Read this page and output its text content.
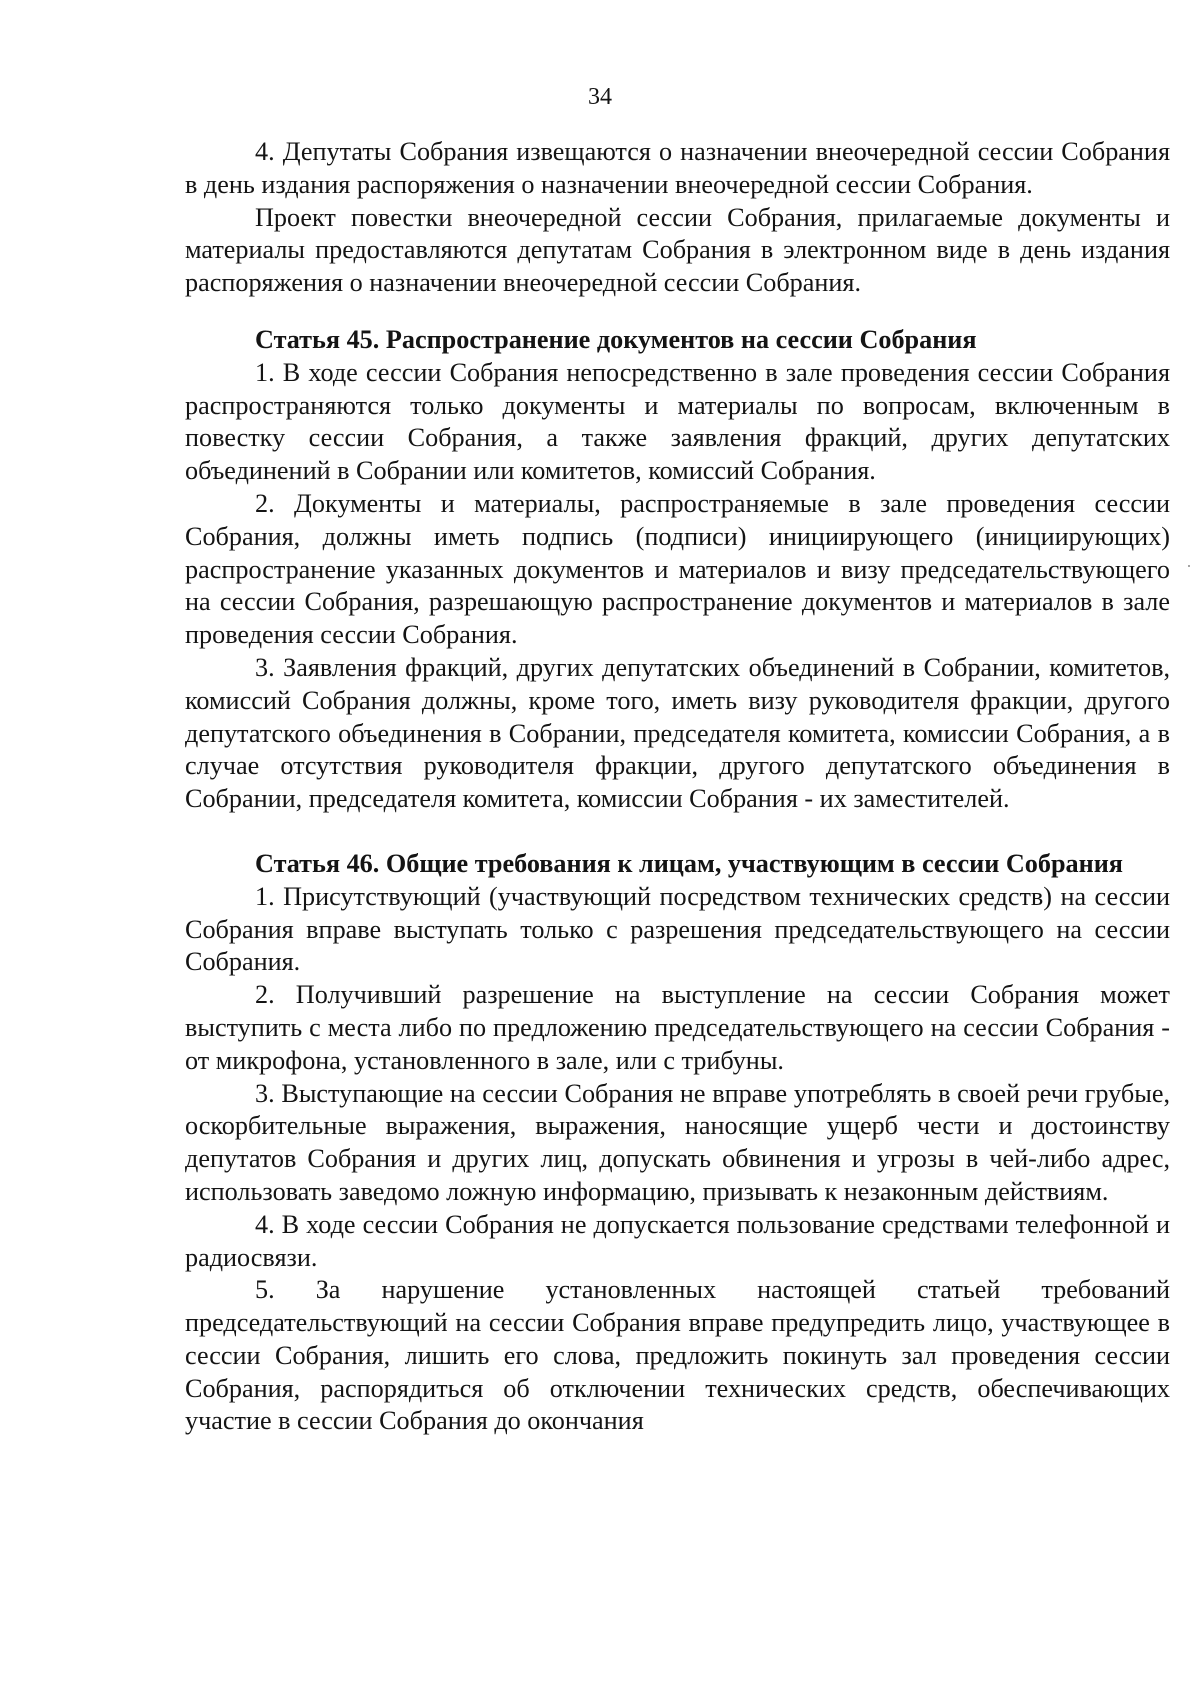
34

4. Депутаты Собрания извещаются о назначении внеочередной сессии Собрания в день издания распоряжения о назначении внеочередной сессии Собрания.

Проект повестки внеочередной сессии Собрания, прилагаемые документы и материалы предоставляются депутатам Собрания в электронном виде в день издания распоряжения о назначении внеочередной сессии Собрания.

Статья 45. Распространение документов на сессии Собрания

1. В ходе сессии Собрания непосредственно в зале проведения сессии Собрания распространяются только документы и материалы по вопросам, включенным в повестку сессии Собрания, а также заявления фракций, других депутатских объединений в Собрании или комитетов, комиссий Собрания.

2. Документы и материалы, распространяемые в зале проведения сессии Собрания, должны иметь подпись (подписи) инициирующего (инициирующих) распространение указанных документов и материалов и визу председательствующего на сессии Собрания, разрешающую распространение документов и материалов в зале проведения сессии Собрания.

3. Заявления фракций, других депутатских объединений в Собрании, комитетов, комиссий Собрания должны, кроме того, иметь визу руководителя фракции, другого депутатского объединения в Собрании, председателя комитета, комиссии Собрания, а в случае отсутствия руководителя фракции, другого депутатского объединения в Собрании, председателя комитета, комиссии Собрания - их заместителей.

Статья 46. Общие требования к лицам, участвующим в сессии Собрания

1. Присутствующий (участвующий посредством технических средств) на сессии Собрания вправе выступать только с разрешения председательствующего на сессии Собрания.

2. Получивший разрешение на выступление на сессии Собрания может выступить с места либо по предложению председательствующего на сессии Собрания - от микрофона, установленного в зале, или с трибуны.

3. Выступающие на сессии Собрания не вправе употреблять в своей речи грубые, оскорбительные выражения, выражения, наносящие ущерб чести и достоинству депутатов Собрания и других лиц, допускать обвинения и угрозы в чей-либо адрес, использовать заведомо ложную информацию, призывать к незаконным действиям.

4. В ходе сессии Собрания не допускается пользование средствами телефонной и радиосвязи.

5. За нарушение установленных настоящей статьей требований председательствующий на сессии Собрания вправе предупредить лицо, участвующее в сессии Собрания, лишить его слова, предложить покинуть зал проведения сессии Собрания, распорядиться об отключении технических средств, обеспечивающих участие в сессии Собрания до окончания
